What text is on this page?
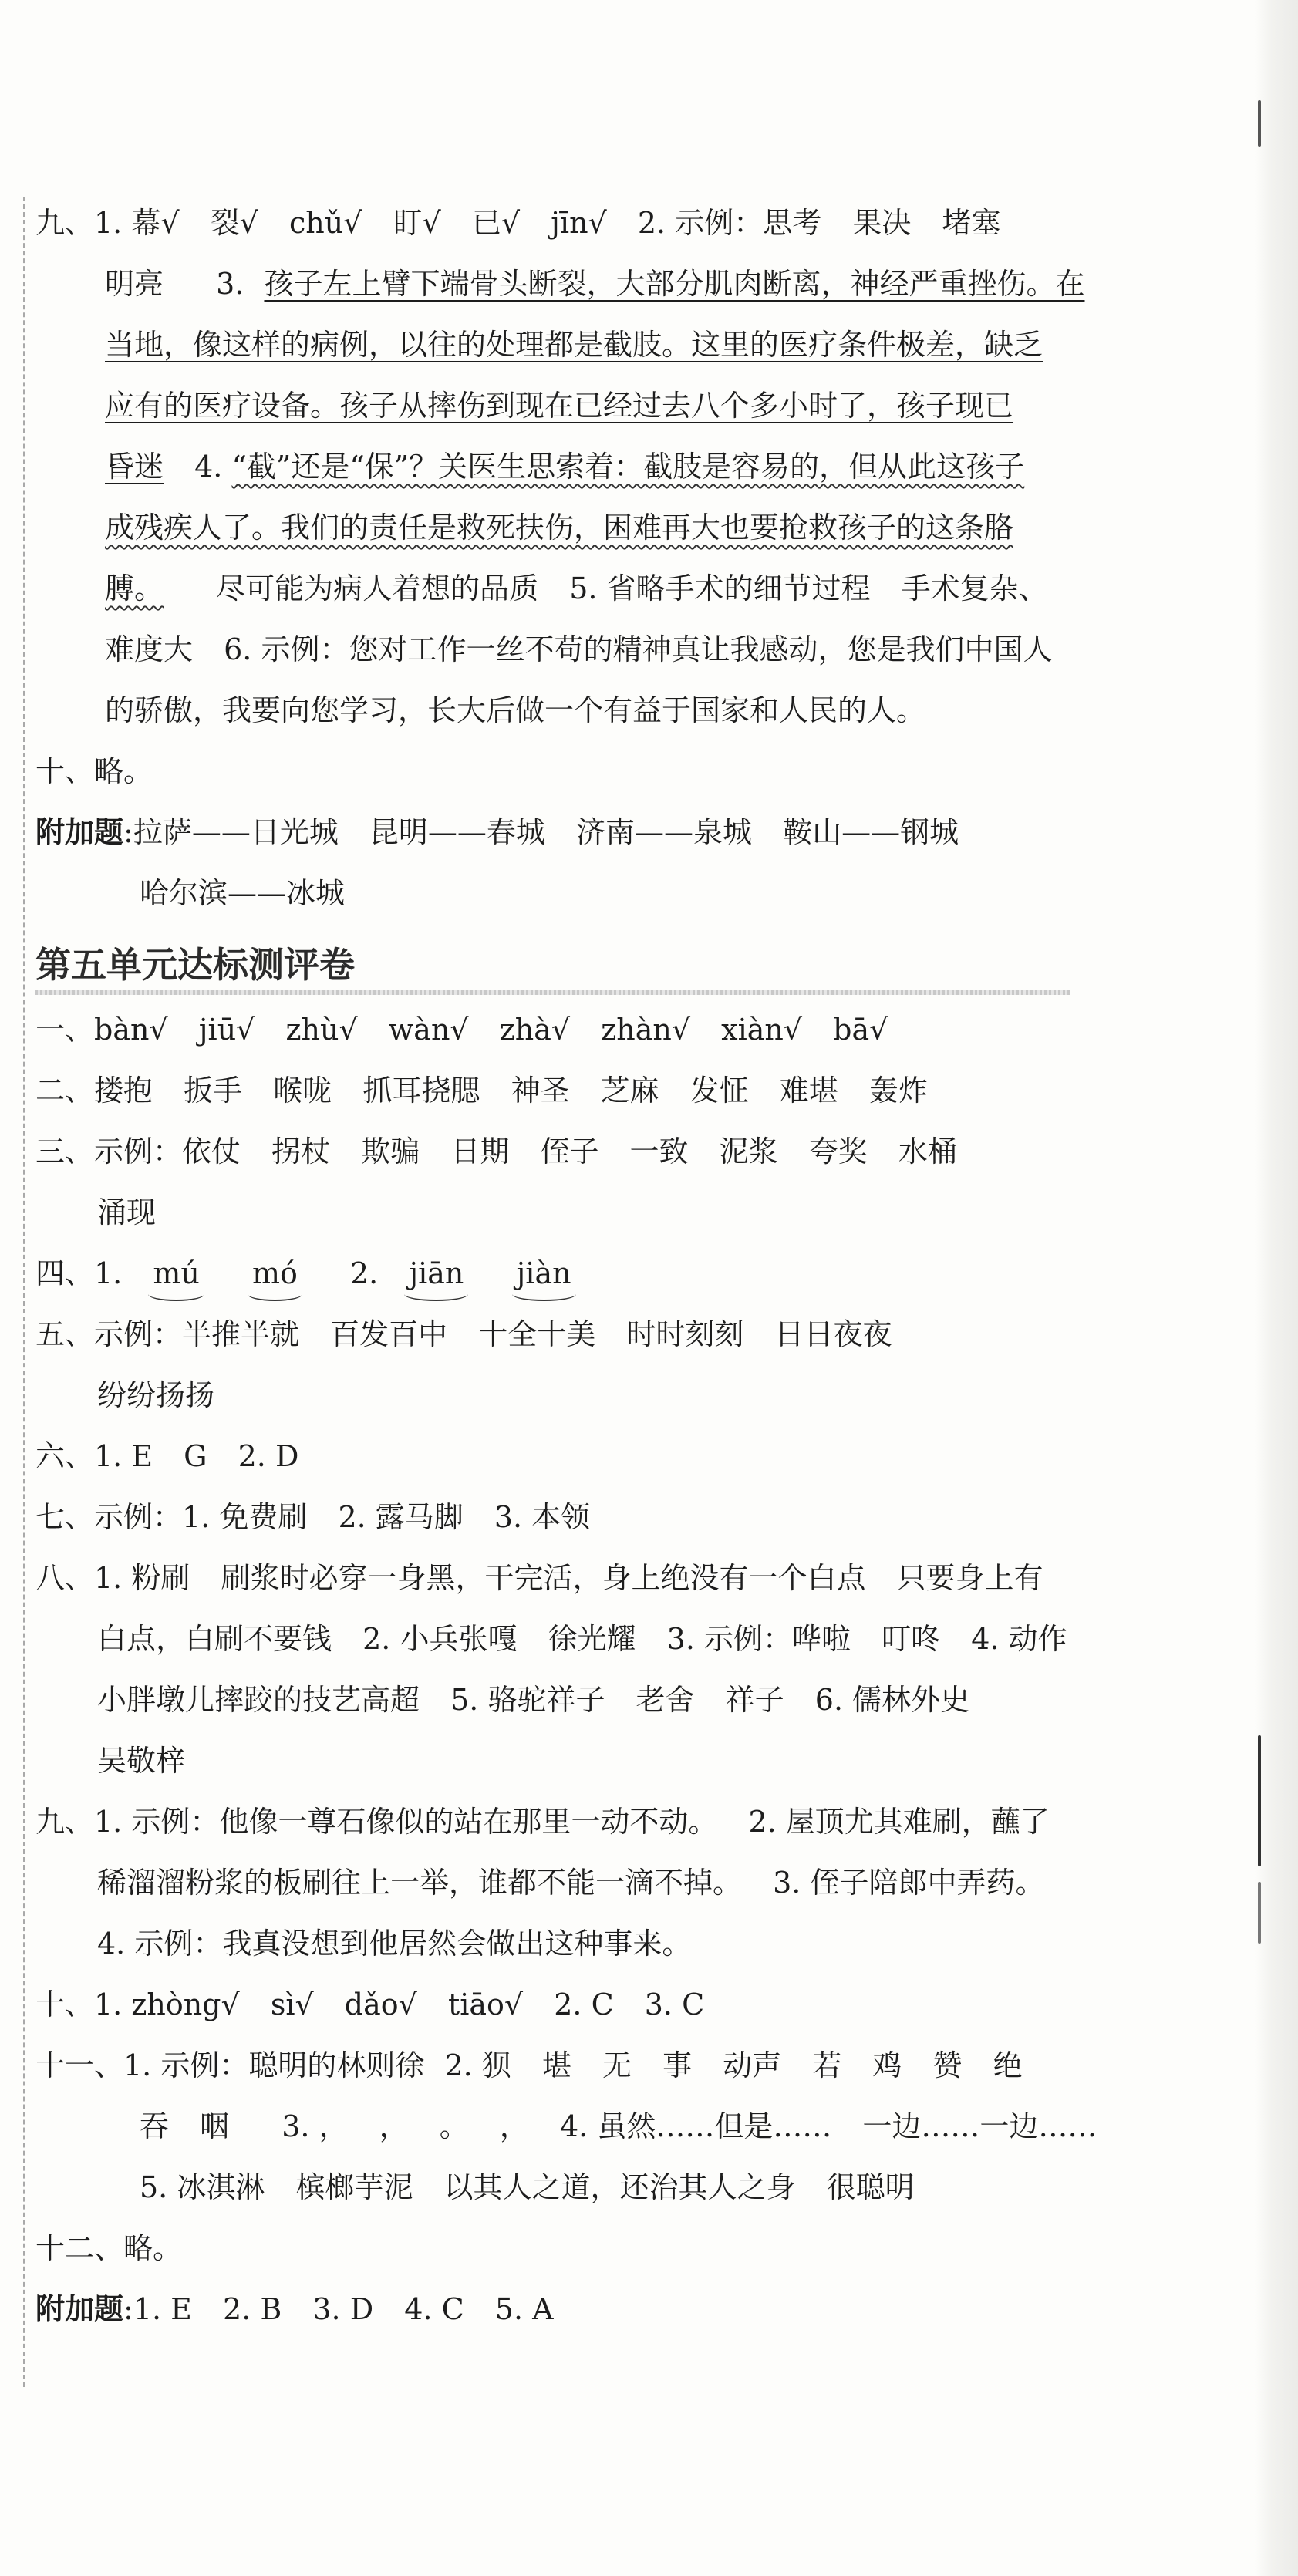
九、1. 幕√ 裂√ chǔ√ 盯√ 已√ jīn√ 2. 示例：思考 果决 堵塞
明亮 3. 孩子左上臂下端骨头断裂，大部分肌肉断离，神经严重挫伤。在
当地，像这样的病例，以往的处理都是截肢。这里的医疗条件极差，缺乏
应有的医疗设备。孩子从摔伤到现在已经过去八个多小时了，孩子现已
昏迷 4. “截”还是“保”？关医生思索着：截肢是容易的，但从此这孩子
成残疾人了。我们的责任是救死扶伤，困难再大也要抢救孩子的这条胳
膊。 尽可能为病人着想的品质 5. 省略手术的细节过程 手术复杂、
难度大 6. 示例：您对工作一丝不苟的精神真让我感动，您是我们中国人
的骄傲，我要向您学习，长大后做一个有益于国家和人民的人。
十、略。
附加题:拉萨——日光城 昆明——春城 济南——泉城 鞍山——钢城
哈尔滨——冰城
第五单元达标测评卷
一、bàn√ jiū√ zhù√ wàn√ zhà√ zhàn√ xiàn√ bā√
二、搂抱 扳手 喉咙 抓耳挠腮 神圣 芝麻 发怔 难堪 轰炸
三、示例：依仗 拐杖 欺骗 日期 侄子 一致 泥浆 夸奖 水桶
涌现
四、1. mú mó 2. jiān jiàn
五、示例：半推半就 百发百中 十全十美 时时刻刻 日日夜夜
纷纷扬扬
六、1. E G 2. D
七、示例：1. 免费刷 2. 露马脚 3. 本领
八、1. 粉刷 刷浆时必穿一身黑，干完活，身上绝没有一个白点 只要身上有
白点，白刷不要钱 2. 小兵张嘎 徐光耀 3. 示例：哗啦 叮咚 4. 动作
小胖墩儿摔跤的技艺高超 5. 骆驼祥子 老舍 祥子 6. 儒林外史
吴敬梓
九、1. 示例：他像一尊石像似的站在那里一动不动。 2. 屋顶尤其难刷，蘸了
稀溜溜粉浆的板刷往上一举，谁都不能一滴不掉。 3. 侄子陪郎中弄药。
4. 示例：我真没想到他居然会做出这种事来。
十、1. zhòng√ sì√ dǎo√ tiāo√ 2. C 3. C
十一、1. 示例：聪明的林则徐 2. 狈 堪 无 事 动声 若 鸡 赞 绝
吞 咽 3. ， ， 。 ， 4. 虽然……但是…… 一边……一边……
5. 冰淇淋 槟榔芋泥 以其人之道，还治其人之身 很聪明
十二、略。
附加题:1. E 2. B 3. D 4. C 5. A
